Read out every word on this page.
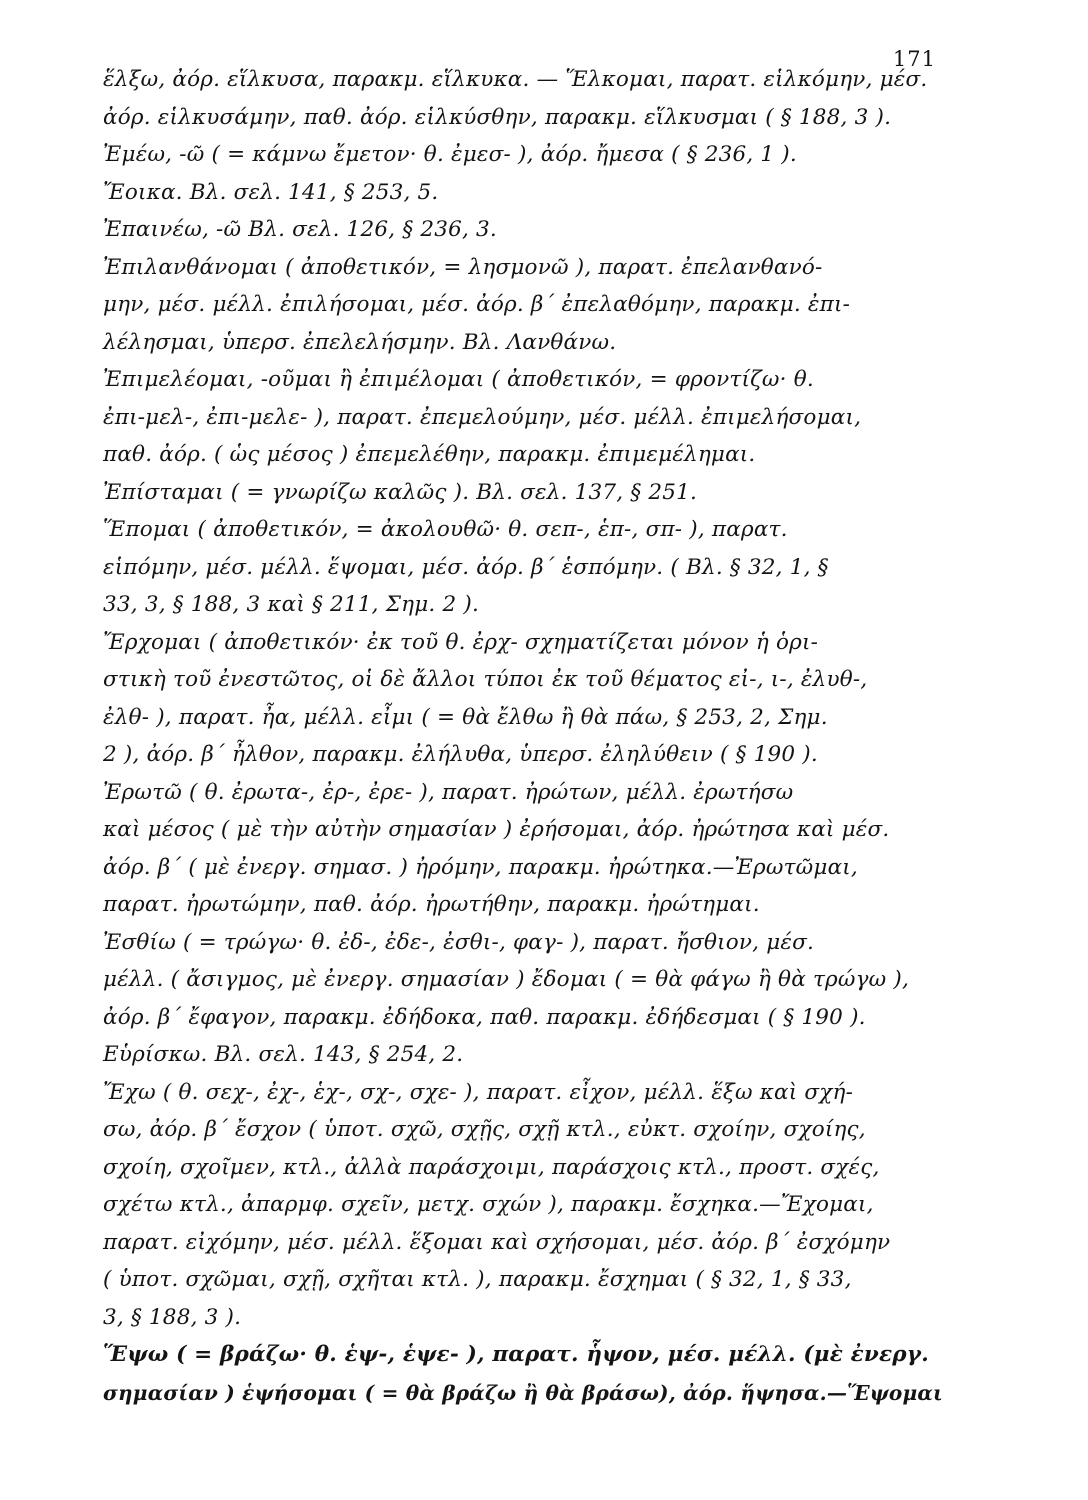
171
ἕλξω, ἀόρ. εἵλκυσα, παρακμ. εἵλκυκα. — Ἕλκομαι, παρατ. εἱλκόμην, μέσ.
ἀόρ. εἱλκυσάμην, παθ. ἀόρ. εἱλκύσθην, παρακμ. εἵλκυσμαι ( § 188, 3 ).
Ἐμέω, -ῶ ( = κάμνω ἔμετον· θ. ἐμεσ- ), ἀόρ. ἤμεσα ( § 236, 1 ).
Ἔοικα. Βλ. σελ. 141, § 253, 5.
Ἐπαινέω, -ῶ Βλ. σελ. 126, § 236, 3.
Ἐπιλανθάνομαι ( ἀποθετικόν, = λησμονῶ ), παρατ. ἐπελανθανό-
μην, μέσ. μέλλ. ἐπιλήσομαι, μέσ. ἀόρ. β΄ ἐπελαθόμην, παρακμ. ἐπι-
λέλησμαι, ὑπερσ. ἐπελελήσμην. Βλ. Λανθάνω.
Ἐπιμελέομαι, -οῦμαι ἢ ἐπιμέλομαι ( ἀποθετικόν, = φροντίζω· θ.
ἐπι-μελ-, ἐπι-μελε- ), παρατ. ἐπεμελούμην, μέσ. μέλλ. ἐπιμελήσομαι,
παθ. ἀόρ. ( ὡς μέσος ) ἐπεμελέθην, παρακμ. ἐπιμεμέλημαι.
Ἐπίσταμαι ( = γνωρίζω καλῶς ). Βλ. σελ. 137, § 251.
Ἕπομαι ( ἀποθετικόν, = ἀκολουθῶ· θ. σεπ-, ἑπ-, σπ- ), παρατ.
εἱπόμην, μέσ. μέλλ. ἕψομαι, μέσ. ἀόρ. β΄ ἑσπόμην. ( Βλ. § 32, 1, §
33, 3, § 188, 3 καὶ § 211, Σημ. 2 ).
Ἔρχομαι ( ἀποθετικόν· ἐκ τοῦ θ. ἐρχ- σχηματίζεται μόνον ἡ ὁρι-
στικὴ τοῦ ἐνεστῶτος, οἱ δὲ ἄλλοι τύποι ἐκ τοῦ θέματος εἰ-, ι-, ἐλυθ-,
ἐλθ- ), παρατ. ἦα, μέλλ. εἶμι ( = θὰ ἔλθω ἢ θὰ πάω, § 253, 2, Σημ.
2 ), ἀόρ. β΄ ἦλθον, παρακμ. ἐλήλυθα, ὑπερσ. ἐληλύθειν ( § 190 ).
Ἐρωτῶ ( θ. ἐρωτα-, ἐρ-, ἐρε- ), παρατ. ἠρώτων, μέλλ. ἐρωτήσω
καὶ μέσος ( μὲ τὴν αὐτὴν σημασίαν ) ἐρήσομαι, ἀόρ. ἠρώτησα καὶ μέσ.
ἀόρ. β΄ ( μὲ ἐνεργ. σημασ. ) ἠρόμην, παρακμ. ἠρώτηκα.—Ἐρωτῶμαι,
παρατ. ἠρωτώμην, παθ. ἀόρ. ἠρωτήθην, παρακμ. ἠρώτημαι.
Ἐσθίω ( = τρώγω· θ. ἐδ-, ἐδε-, ἐσθι-, φαγ- ), παρατ. ἤσθιον, μέσ.
μέλλ. ( ἄσιγμος, μὲ ἐνεργ. σημασίαν ) ἔδομαι ( = θὰ φάγω ἢ θὰ τρώγω ),
ἀόρ. β΄ ἔφαγον, παρακμ. ἐδήδοκα, παθ. παρακμ. ἐδήδεσμαι ( § 190 ).
Εὑρίσκω. Βλ. σελ. 143, § 254, 2.
Ἔχω ( θ. σεχ-, ἐχ-, ἑχ-, σχ-, σχε- ), παρατ. εἶχον, μέλλ. ἕξω καὶ σχή-
σω, ἀόρ. β΄ ἔσχον ( ὑποτ. σχῶ, σχῇς, σχῇ κτλ., εὐκτ. σχοίην, σχοίης,
σχοίη, σχοῖμεν, κτλ., ἀλλὰ παράσχοιμι, παράσχοις κτλ., προστ. σχές,
σχέτω κτλ., ἀπαρμφ. σχεῖν, μετχ. σχών ), παρακμ. ἔσχηκα.—Ἔχομαι,
παρατ. εἰχόμην, μέσ. μέλλ. ἕξομαι καὶ σχήσομαι, μέσ. ἀόρ. β΄ ἐσχόμην
( ὑποτ. σχῶμαι, σχῇ, σχῆται κτλ. ), παρακμ. ἔσχημαι ( § 32, 1, § 33,
3, § 188, 3 ).
Ἕψω ( = βράζω· θ. ἑψ-, ἑψε- ), παρατ. ἧψον, μέσ. μέλλ. (μὲ ἐνεργ.
σημασίαν ) ἑψήσομαι ( = θὰ βράζω ἢ θὰ βράσω), ἀόρ. ἥψησα.—Ἕψομαι
